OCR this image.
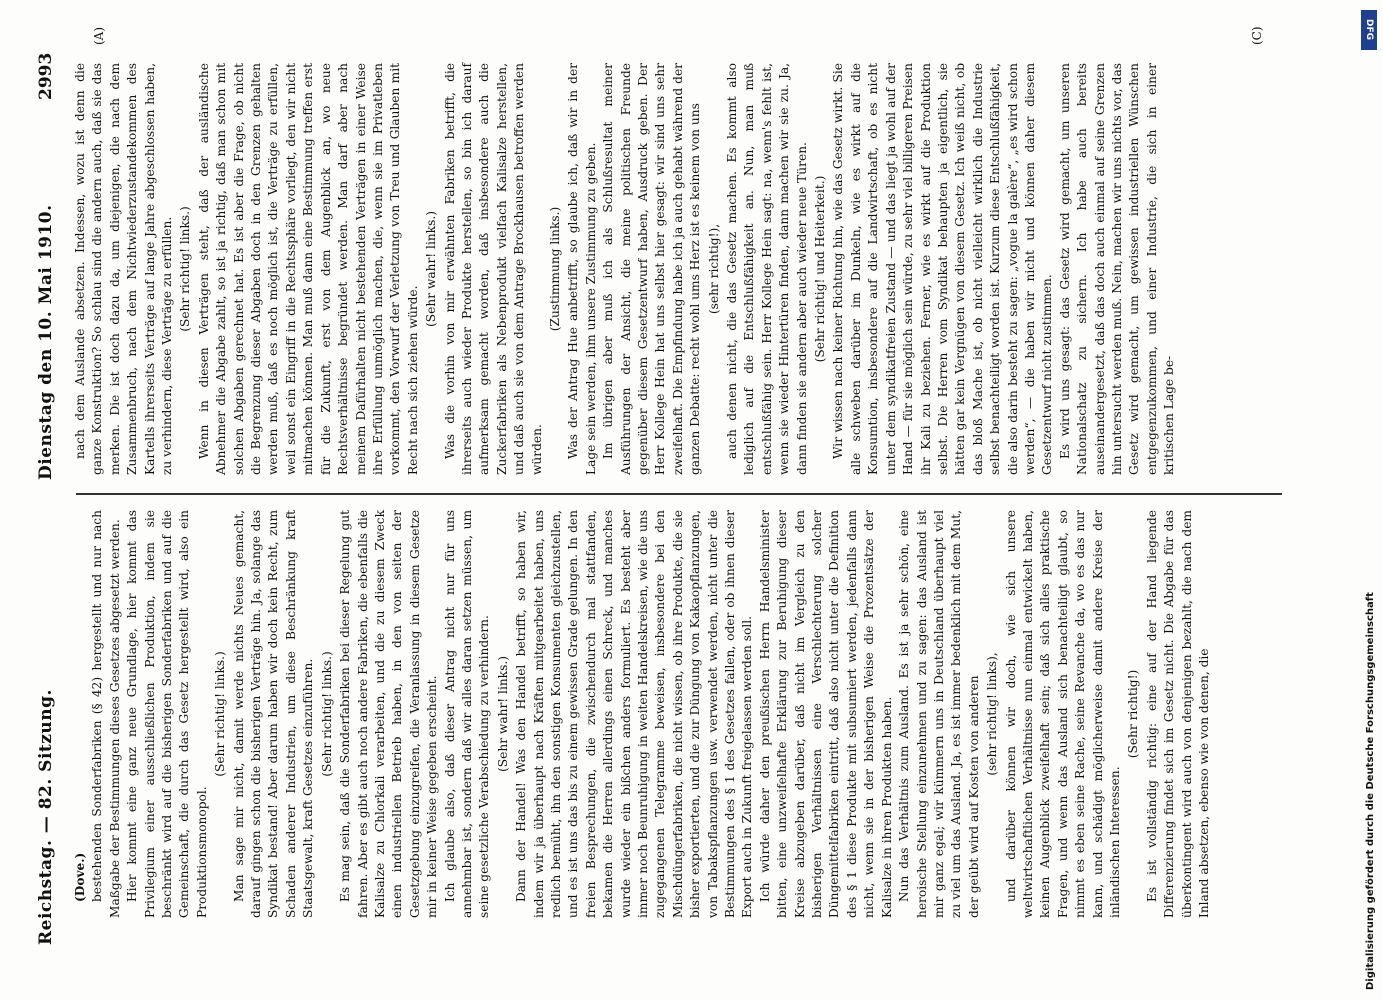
Reichstag. — 82. Sitzung.
Dienstag den 10. Mai 1910.
2993
(A)	(C)

(Dove.) bestehenden Sonderfabriken (§ 42) hergestellt und nur nach Maßgabe der Bestimmungen dieses Gesetzes abgesetzt werden. Hier kommt eine ganz neue Grundlage, hier kommt das Privilegium einer ausschließlichen Produktion, indem sie beschränkt wird auf die bisherigen Sonderfabriken und auf die Gemeinschaft, die durch das Gesetz hergestellt wird, also ein Produktionsmonopol.

(Sehr richtig! links.) Man sage mir nicht, damit werde nichts Neues gemacht, darauf gingen schon die bisherigen Verträge hin. Ja, solange das Syndikat bestand! Aber darum haben wir doch kein Recht, zum Schaden anderer Industrien, um diese Beschränkung kraft Staatsgewalt, kraft Gesetzes einzuführen. (Sehr richtig! links.) Es mag sein, daß die Sonderfabriken bei dieser Regelung gut fahren. Aber es gibt auch noch andere Fabriken, die ebenfalls die Kalisalze zu Chlorkali verarbeiten, und die zu diesem Zweck einen industriellen Betrieb haben, in den von seiten der Gesetzgebung einzugreifen, die Veranlassung in diesem Gesetze mir in keiner Weise gegeben erscheint. Ich glaube also, daß dieser Antrag nicht nur für uns annehmbar ist, sondern daß wir alles daran setzen müssen, um seine gesetzliche Verabschiedung zu verhindern. (Sehr wahr! links.) Dann der Handel! Was den Handel betrifft, so haben wir, indem wir ja überhaupt nach Kräften mitgearbeitet haben, uns redlich bemüht, ihn den sonstigen Konsumenten gleichzustellen, und es ist uns das bis zu einem gewissen Grade gelungen. In den freien Besprechungen, die zwischendurch mal stattfanden, bekamen die Herren allerdings einen Schreck, und manches wurde wieder ein bißchen anders formuliert. Es besteht aber immer noch Beunruhigung in weiten Handelskreisen, wie die uns zugegangenen Telegramme beweisen, insbesondere bei den Mischdüngerfabriken, die nicht wissen, ob ihre Produkte, die sie bisher exportierten, und die zur Düngung von Kakaopflanzungen, von Tabakspflanzungen usw. verwendet werden, nicht unter die Bestimmungen des § 1 des Gesetzes fallen, oder ob ihnen dieser Export auch in Zukunft freigelassen werden soll. Ich würde daher den preußischen Herrn Handelsminister bitten, eine unzweifelhafte Erklärung zur Beruhigung dieser Kreise abzugeben darüber, daß nicht im Vergleich zu den bisherigen Verhältnissen eine Verschlechterung solcher Düngemittelfabriken eintritt, daß also nicht unter die Definition des § 1 diese Produkte mit subsumiert werden, jedenfalls dann nicht, wenn sie in der bisherigen Weise die Prozentsätze der Kalisalze in ihren Produkten haben. Nun das Verhältnis zum Ausland. Es ist ja sehr schön, eine heroische Stellung einzunehmen und zu sagen: das Ausland ist mir ganz egal; wir kümmern uns in Deutschland überhaupt viel zu viel um das Ausland. Ja, es ist immer bedenklich mit dem Mut, der geübt wird auf Kosten von anderen (sehr richtig! links), und darüber können wir doch, wie sich unsere weltwirtschaftlichen Verhältnisse nun einmal entwickelt haben, keinen Augenblick zweifelhaft sein; daß sich alles praktische Fragen, und wenn das Ausland sich benachteiligt glaubt, so nimmt es eben seine Rache, seine Revanche da, wo es das nur kann, und schädigt möglicherweise damit andere Kreise der inländischen Interessen.

(Sehr richtig!) Es ist vollständig richtig: eine auf der Hand liegende Differenzierung findet sich im Gesetz nicht. Die Abgabe für das überkontingent wird auch von denjenigen bezahlt, die nach dem Inland absetzen, ebenso wie von denen, die

nach dem Auslande absetzen. Indessen, wozu ist denn die ganze Konstruktion? So schlau sind die andern auch, daß sie das merken. Die ist doch dazu da, um diejenigen, die nach dem Zusammenbruch, nach dem Nichtwiederzustandekommen des Kartells ihrerseits Verträge auf lange Jahre abgeschlossen haben, zu verhindern, diese Verträge zu erfüllen. (Sehr richtig! links.) Wenn in diesen Verträgen steht, daß der ausländische Abnehmer die Abgabe zahlt, so ist ja richtig, daß man schon mit solchen Abgaben gerechnet hat. Es ist aber die Frage, ob nicht die Begrenzung dieser Abgaben doch in den Grenzen gehalten werden muß, daß es noch möglich ist, die Verträge zu erfüllen, weil sonst ein Eingriff in die Rechtssphäre vorliegt, den wir nicht mitmachen können. Man muß dann eine Bestimmung treffen erst für die Zukunft, erst von dem Augenblick an, wo neue Rechtsverhältnisse begründet werden. Man darf aber nach meinem Dafürhalten nicht bestehenden Verträgen in einer Weise ihre Erfüllung unmöglich machen, die, wenn sie im Privatleben vorkommt, den Vorwurf der Verletzung von Treu und Glauben mit Recht nach sich ziehen würde.

(Sehr wahr! links.) Was die vorhin von mir erwähnten Fabriken betrifft, die ihrerseits auch wieder Produkte herstellen, so bin ich darauf aufmerksam gemacht worden, daß insbesondere auch die Zuckerfabriken als Nebenprodukt vielfach Kalisalze herstellen, und daß auch sie von dem Antrage Brockhausen betroffen werden würden.

(Zustimmung links.) Was der Antrag Hue anbetrifft, so glaube ich, daß wir in der Lage sein werden, ihm unsere Zustimmung zu geben. Im übrigen aber muß ich als Schlußresultat meiner Ausführungen der Ansicht, die meine politischen Freunde gegenüber diesem Gesetzentwurf haben, Ausdruck geben. Der Herr Kollege Hein hat uns selbst hier gesagt: wir sind uns sehr zweifelhaft. Die Empfindung habe ich ja auch gehabt während der ganzen Debatte: recht wohl ums Herz ist es keinem von uns (sehr richtig!), auch denen nicht, die das Gesetz machen. Es kommt also lediglich auf die Entschlußfähigkeit an. Nun, man muß entschlußfähig sein. Herr Kollege Hein sagt: na, wenn's fehlt ist, wenn sie wieder Hintertüren finden, dann machen wir sie zu. Ja, dann finden sie andern aber auch wieder neue Türen. (Sehr richtig! und Heiterkeit.) Wir wissen nach keiner Richtung hin, wie das Gesetz wirkt. Sie alle schweben darüber im Dunkeln, wie es wirkt auf die Konsumtion, insbesondere auf die Landwirtschaft, ob es nicht unter dem syndikatfreien Zustand — und das liegt ja wohl auf der Hand — für sie möglich sein würde, zu sehr viel billigeren Preisen ihr Kali zu beziehen. Ferner, wie es wirkt auf die Produktion selbst. Die Herren vom Syndikat behaupten ja eigentlich, sie hätten gar kein Vergnügen von diesem Gesetz. Ich weiß nicht, ob das bloß Mache ist, ob nicht vielleicht wirklich die Industrie selbst benachteiligt worden ist. Kurzum diese Entschlußfähigkeit, die also darin besteht zu sagen: „vogue la galère“, „es wird schon werden“, — die haben wir nicht und können daher diesem Gesetzentwurf nicht zustimmen. Es wird uns gesagt: das Gesetz wird gemacht, um unseren Nationalschatz zu sichern. Ich habe auch bereits auseinandergesetzt, daß das doch auch einmal auf seine Grenzen hin untersucht werden muß. Nein, machen wir uns nichts vor, das Gesetz wird gemacht, um gewissen industriellen Wünschen entgegenzukommen, und einer Industrie, die sich in einer kritischen Lage be-

DFG
Digitalisierung gefördert durch die Deutsche Forschungsgemeinschaft
